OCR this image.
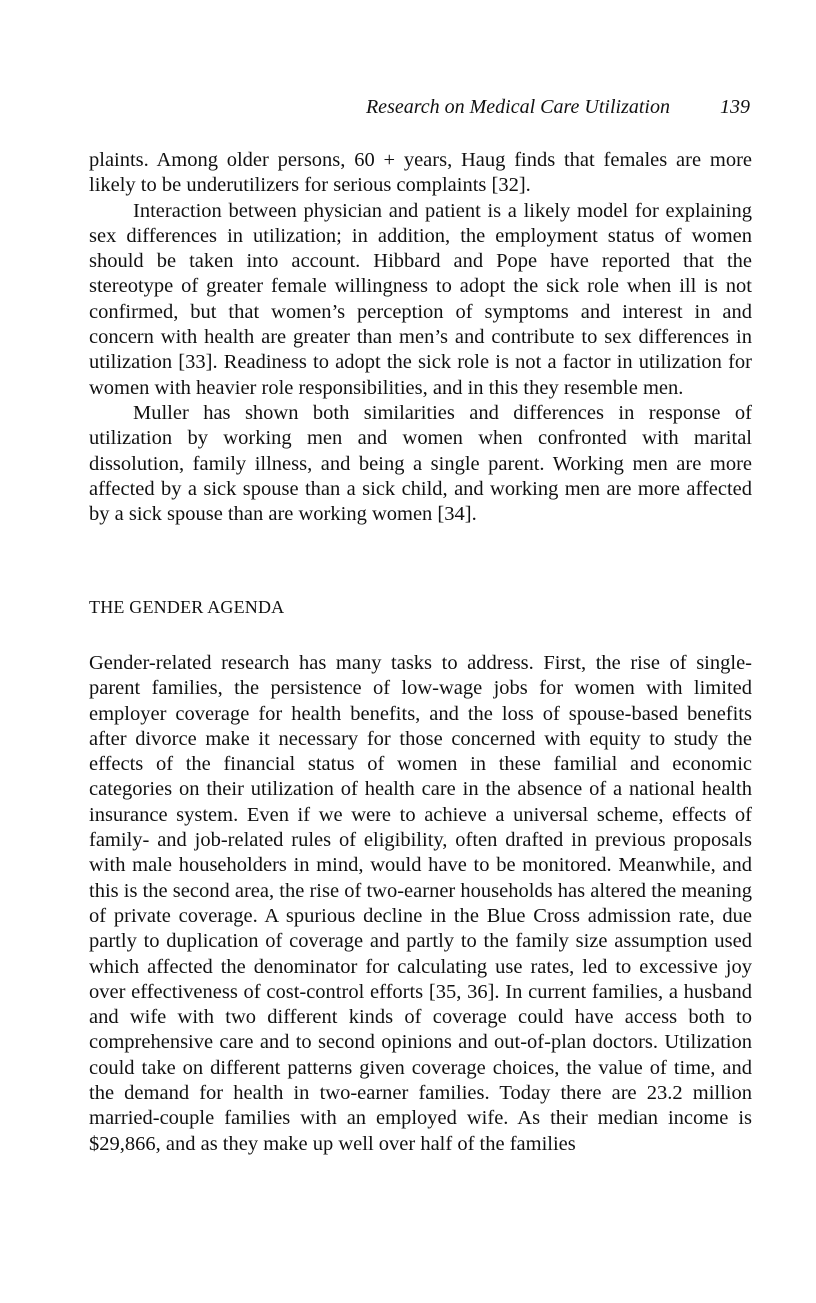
Research on Medical Care Utilization	139

plaints. Among older persons, 60 + years, Haug finds that females are more likely to be underutilizers for serious complaints [32].

Interaction between physician and patient is a likely model for explaining sex differences in utilization; in addition, the employment status of women should be taken into account. Hibbard and Pope have reported that the stereotype of greater female willingness to adopt the sick role when ill is not confirmed, but that women’s perception of symptoms and interest in and concern with health are greater than men’s and contribute to sex differences in utilization [33]. Readiness to adopt the sick role is not a factor in utilization for women with heavier role responsibilities, and in this they resemble men.

Muller has shown both similarities and differences in response of utilization by working men and women when confronted with marital dissolution, family illness, and being a single parent. Working men are more affected by a sick spouse than a sick child, and working men are more affected by a sick spouse than are working women [34].

THE GENDER AGENDA

Gender-related research has many tasks to address. First, the rise of single-parent families, the persistence of low-wage jobs for women with limited employer coverage for health benefits, and the loss of spouse-based benefits after divorce make it necessary for those concerned with equity to study the effects of the financial status of women in these familial and economic categories on their utilization of health care in the absence of a national health insurance system. Even if we were to achieve a universal scheme, effects of family- and job-related rules of eligibility, often drafted in previous proposals with male householders in mind, would have to be monitored. Meanwhile, and this is the second area, the rise of two-earner households has altered the meaning of private coverage. A spurious decline in the Blue Cross admission rate, due partly to duplication of coverage and partly to the family size assumption used which affected the denominator for calculating use rates, led to excessive joy over effectiveness of cost-control efforts [35, 36]. In current families, a husband and wife with two different kinds of coverage could have access both to comprehensive care and to second opinions and out-of-plan doctors. Utilization could take on different patterns given coverage choices, the value of time, and the demand for health in two-earner families. Today there are 23.2 million married-couple families with an employed wife. As their median income is $29,866, and as they make up well over half of the families
